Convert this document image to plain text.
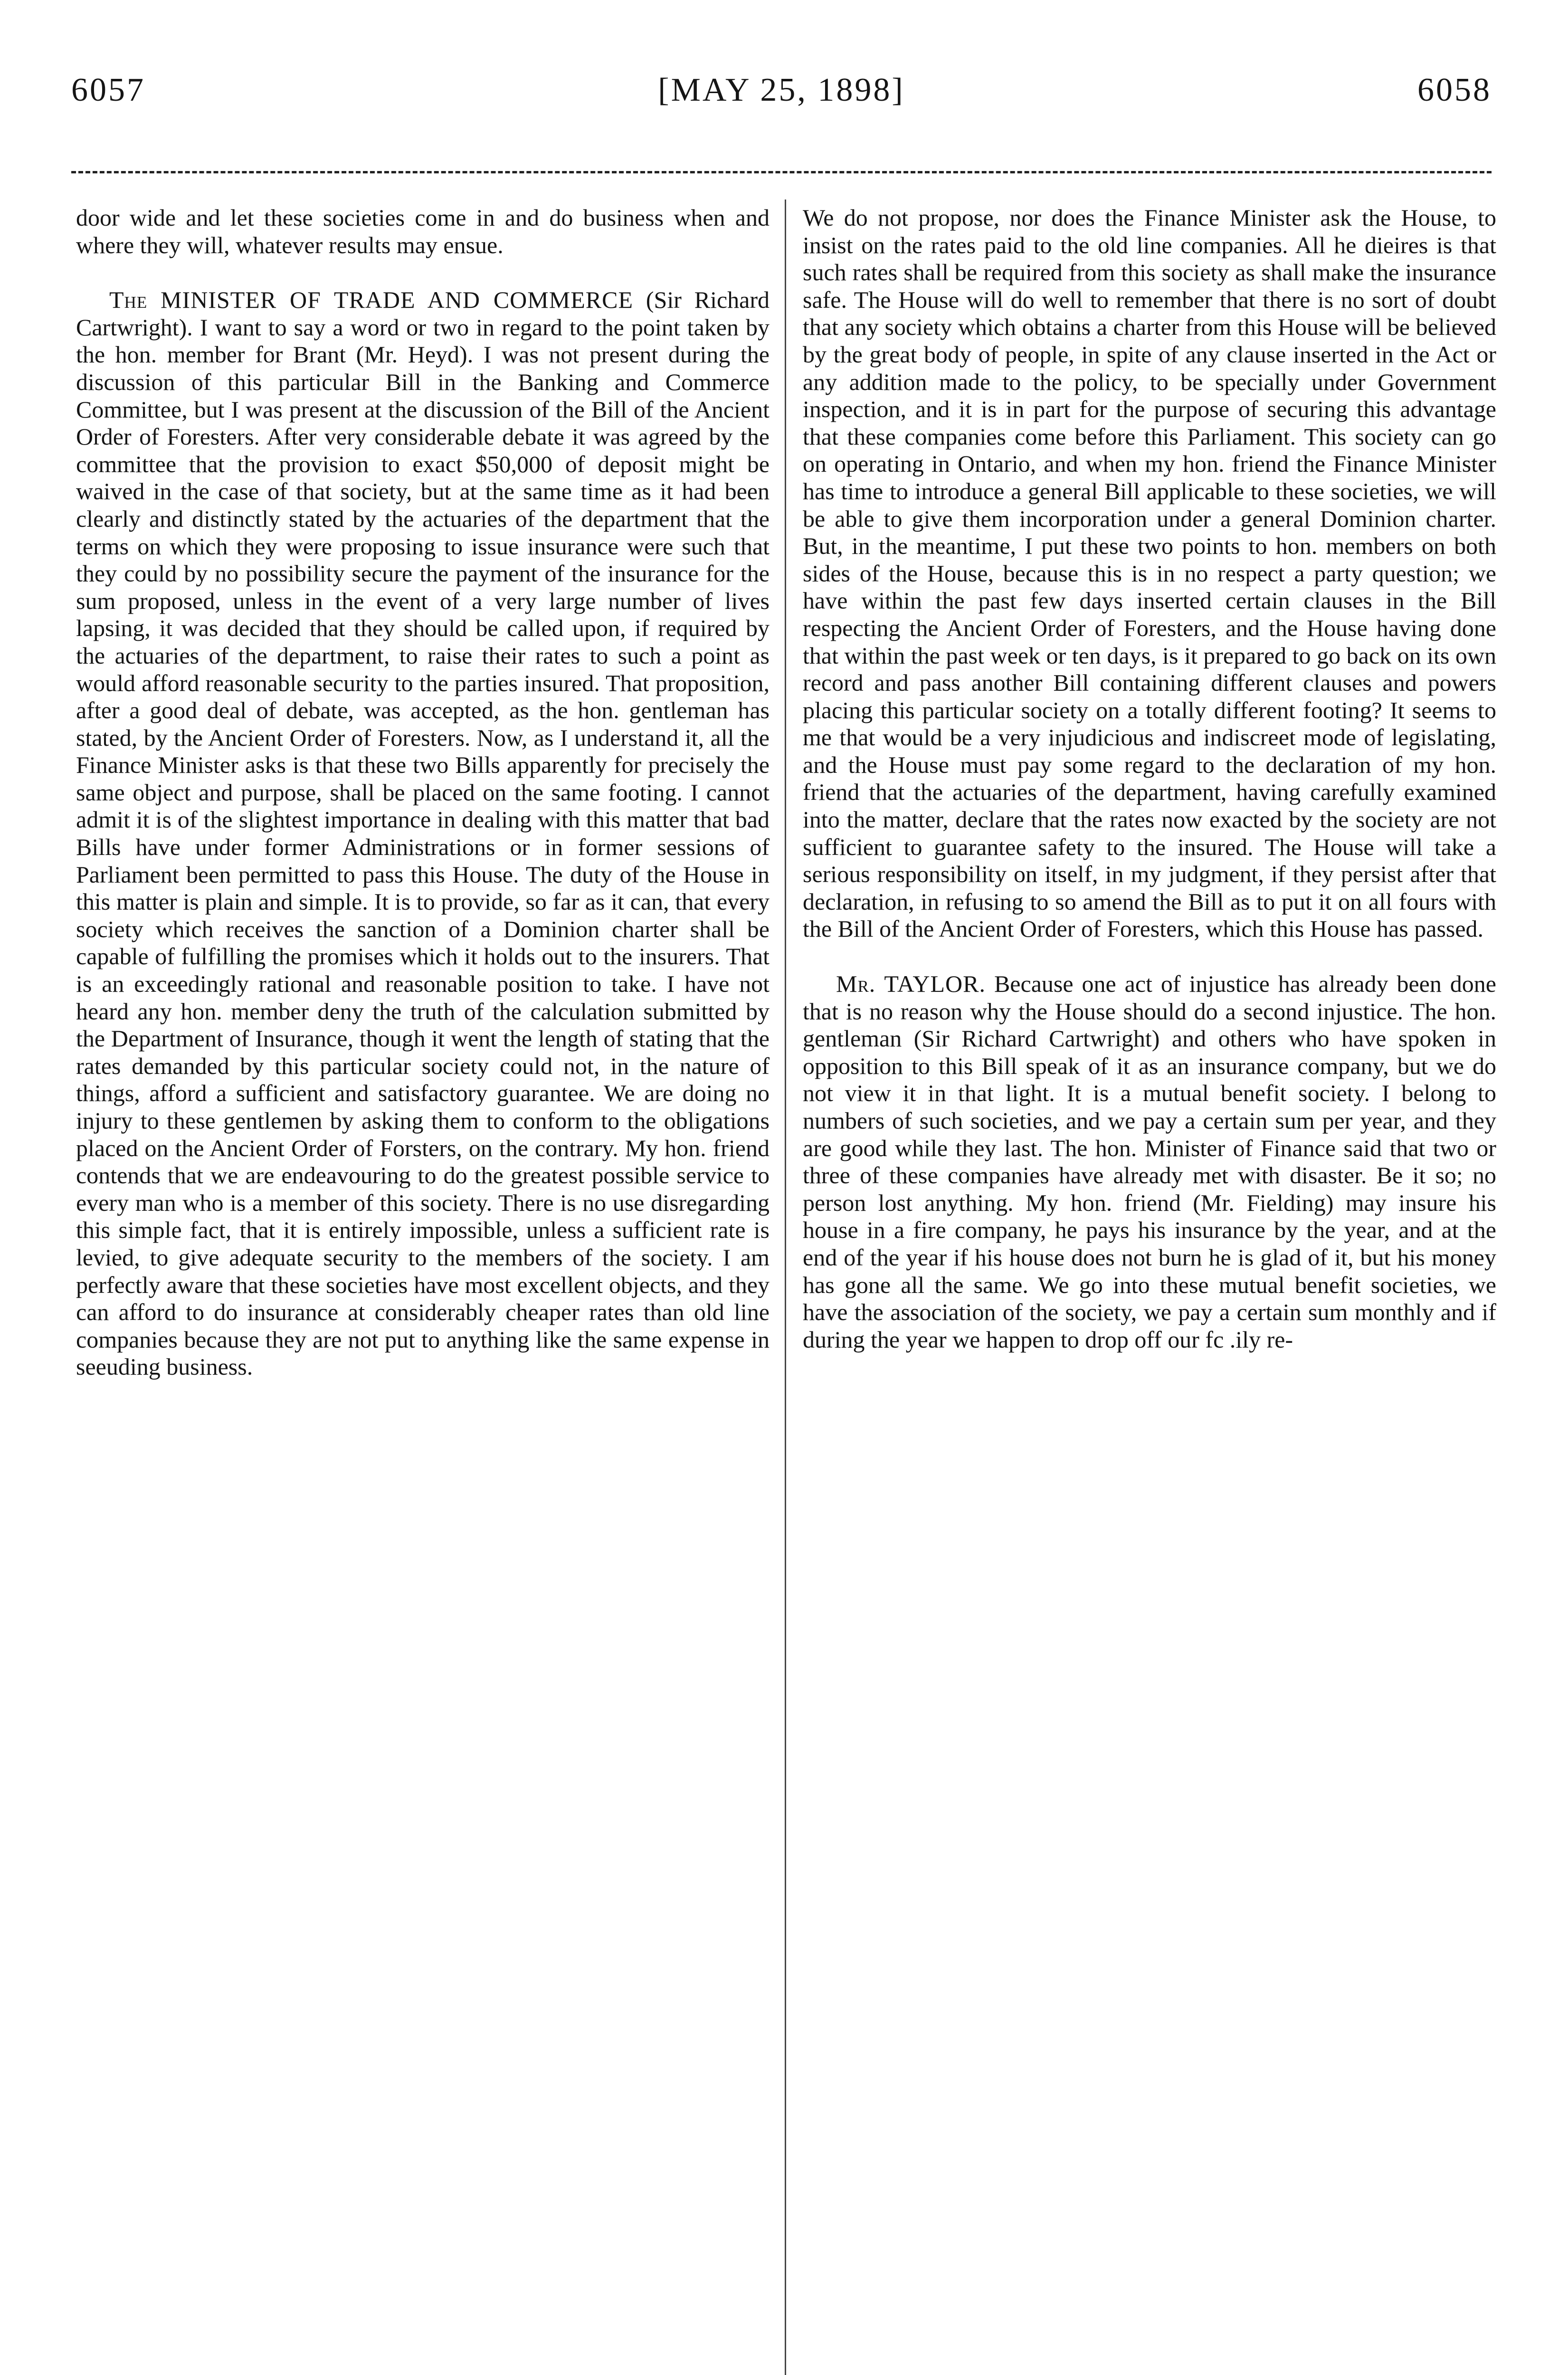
6057	[MAY 25, 1898]	6058

door wide and let these societies come in and do business when and where they will, whatever results may ensue.

The MINISTER OF TRADE AND COMMERCE (Sir Richard Cartwright). I want to say a word or two in regard to the point taken by the hon. member for Brant (Mr. Heyd). I was not present during the discussion of this particular Bill in the Banking and Commerce Committee, but I was present at the discussion of the Bill of the Ancient Order of Foresters. After very considerable debate it was agreed by the committee that the provision to exact $50,000 of deposit might be waived in the case of that society, but at the same time as it had been clearly and distinctly stated by the actuaries of the department that the terms on which they were proposing to issue insurance were such that they could by no possibility secure the payment of the insurance for the sum proposed, unless in the event of a very large number of lives lapsing, it was decided that they should be called upon, if required by the actuaries of the department, to raise their rates to such a point as would afford reasonable security to the parties insured. That proposition, after a good deal of debate, was accepted, as the hon. gentleman has stated, by the Ancient Order of Foresters. Now, as I understand it, all the Finance Minister asks is that these two Bills apparently for precisely the same object and purpose, shall be placed on the same footing. I cannot admit it is of the slightest importance in dealing with this matter that bad Bills have under former Administrations or in former sessions of Parliament been permitted to pass this House. The duty of the House in this matter is plain and simple. It is to provide, so far as it can, that every society which receives the sanction of a Dominion charter shall be capable of fulfilling the promises which it holds out to the insurers. That is an exceedingly rational and reasonable position to take. I have not heard any hon. member deny the truth of the calculation submitted by the Department of Insurance, though it went the length of stating that the rates demanded by this particular society could not, in the nature of things, afford a sufficient and satisfactory guarantee. We are doing no injury to these gentlemen by asking them to conform to the obligations placed on the Ancient Order of Forsters, on the contrary. My hon. friend contends that we are endeavouring to do the greatest possible service to every man who is a member of this society. There is no use disregarding this simple fact, that it is entirely impossible, unless a sufficient rate is levied, to give adequate security to the members of the society. I am perfectly aware that these societies have most excellent objects, and they can afford to do insurance at considerably cheaper rates than old line companies because they are not put to anything like the same expense in seeuding business.

We do not propose, nor does the Finance Minister ask the House, to insist on the rates paid to the old line companies. All he dieires is that such rates shall be required from this society as shall make the insurance safe. The House will do well to remember that there is no sort of doubt that any society which obtains a charter from this House will be believed by the great body of people, in spite of any clause inserted in the Act or any addition made to the policy, to be specially under Government inspection, and it is in part for the purpose of securing this advantage that these companies come before this Parliament. This society can go on operating in Ontario, and when my hon. friend the Finance Minister has time to introduce a general Bill applicable to these societies, we will be able to give them incorporation under a general Dominion charter. But, in the meantime, I put these two points to hon. members on both sides of the House, because this is in no respect a party question; we have within the past few days inserted certain clauses in the Bill respecting the Ancient Order of Foresters, and the House having done that within the past week or ten days, is it prepared to go back on its own record and pass another Bill containing different clauses and powers placing this particular society on a totally different footing? It seems to me that would be a very injudicious and indiscreet mode of legislating, and the House must pay some regard to the declaration of my hon. friend that the actuaries of the department, having carefully examined into the matter, declare that the rates now exacted by the society are not sufficient to guarantee safety to the insured. The House will take a serious responsibility on itself, in my judgment, if they persist after that declaration, in refusing to so amend the Bill as to put it on all fours with the Bill of the Ancient Order of Foresters, which this House has passed.

Mr. TAYLOR. Because one act of injustice has already been done that is no reason why the House should do a second injustice. The hon. gentleman (Sir Richard Cartwright) and others who have spoken in opposition to this Bill speak of it as an insurance company, but we do not view it in that light. It is a mutual benefit society. I belong to numbers of such societies, and we pay a certain sum per year, and they are good while they last. The hon. Minister of Finance said that two or three of these companies have already met with disaster. Be it so; no person lost anything. My hon. friend (Mr. Fielding) may insure his house in a fire company, he pays his insurance by the year, and at the end of the year if his house does not burn he is glad of it, but his money has gone all the same. We go into these mutual benefit societies, we have the association of the society, we pay a certain sum monthly and if during the year we happen to drop off our fc .ily re-
